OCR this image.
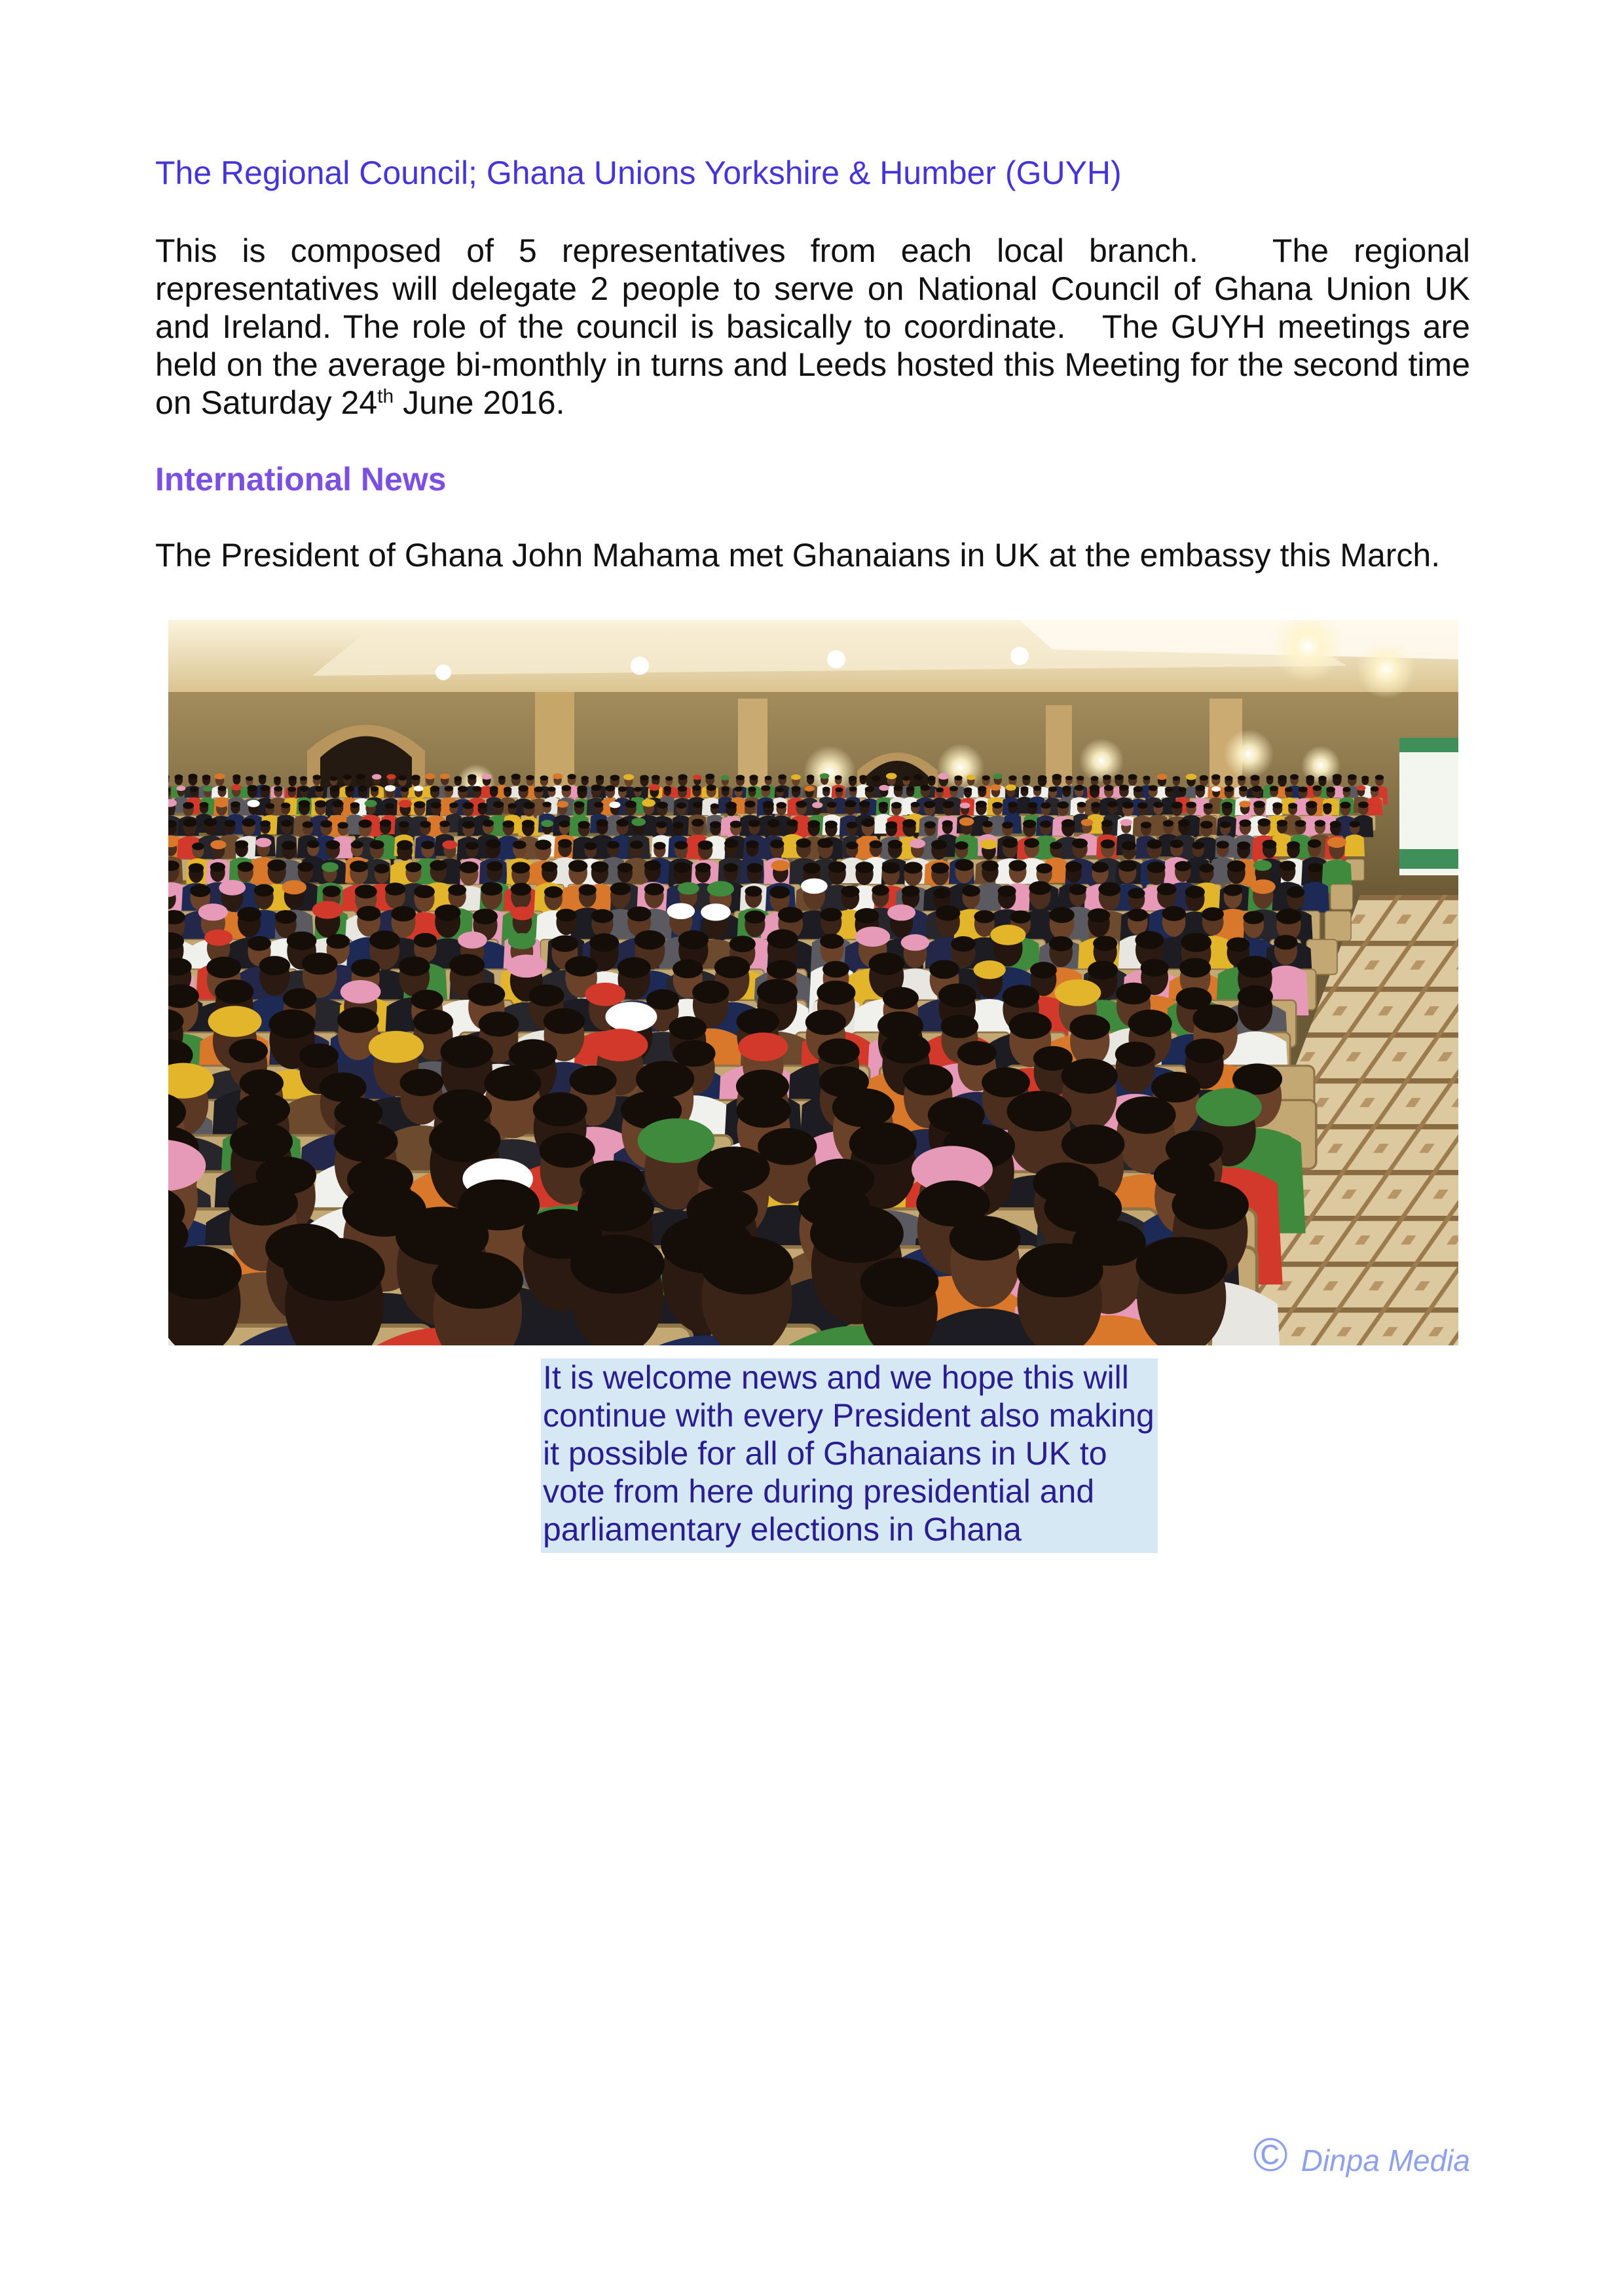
The Regional Council; Ghana Unions Yorkshire & Humber (GUYH)

This is composed of 5 representatives from each local branch.   The regional representatives will delegate 2 people to serve on National Council of Ghana Union UK and Ireland. The role of the council is basically to coordinate.   The GUYH meetings are held on the average bi-monthly in turns and Leeds hosted this Meeting for the second time on Saturday 24th June 2016.

International News

The President of Ghana John Mahama met Ghanaians in UK at the embassy this March.

It is welcome news and we hope this will
continue with every President also making
it possible for all of Ghanaians in UK to
vote from here during presidential and
parliamentary elections in Ghana
© Dinpa Media
